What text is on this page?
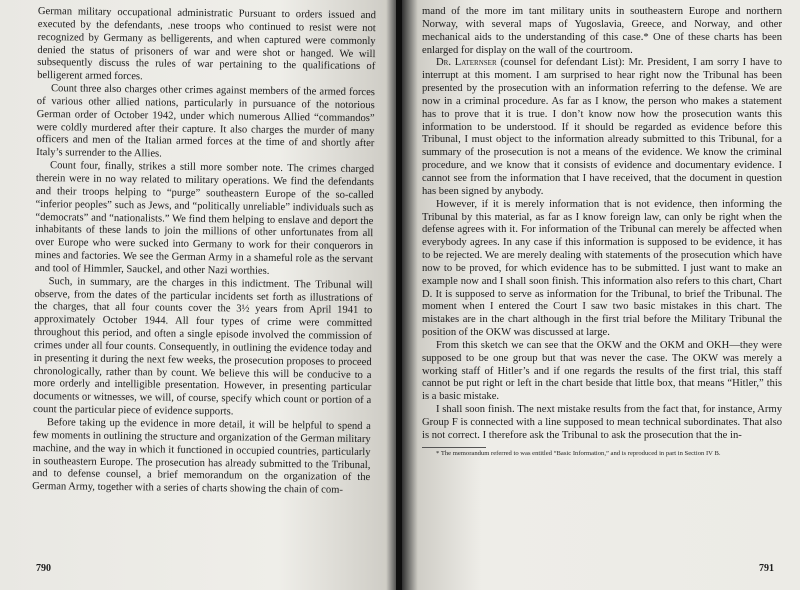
German military occupational administratic Pursuant to orders issued and executed by the defendants, .nese troops who continued to resist were not recognized by Germany as belligerents, and when captured were commonly denied the status of prisoners of war and were shot or hanged. We will subsequently discuss the rules of war pertaining to the qualifications of belligerent armed forces.

Count three also charges other crimes against members of the armed forces of various other allied nations, particularly in pursuance of the notorious German order of October 1942, under which numerous Allied “commandos” were coldly murdered after their capture. It also charges the murder of many officers and men of the Italian armed forces at the time of and shortly after Italy’s surrender to the Allies.

Count four, finally, strikes a still more somber note. The crimes charged therein were in no way related to military operations. We find the defendants and their troops helping to “purge” southeastern Europe of the so-called “inferior peoples” such as Jews, and “politically unreliable” individuals such as “democrats” and “nationalists.” We find them helping to enslave and deport the inhabitants of these lands to join the millions of other unfortunates from all over Europe who were sucked into Germany to work for their conquerors in mines and factories. We see the German Army in a shameful role as the servant and tool of Himmler, Sauckel, and other Nazi worthies.

Such, in summary, are the charges in this indictment. The Tribunal will observe, from the dates of the particular incidents set forth as illustrations of the charges, that all four counts cover the 3½ years from April 1941 to approximately October 1944. All four types of crime were committed throughout this period, and often a single episode involved the commission of crimes under all four counts. Consequently, in outlining the evidence today and in presenting it during the next few weeks, the prosecution proposes to proceed chronologically, rather than by count. We believe this will be conducive to a more orderly and intelligible presentation. However, in presenting particular documents or witnesses, we will, of course, specify which count or portion of a count the particular piece of evidence supports.

Before taking up the evidence in more detail, it will be helpful to spend a few moments in outlining the structure and organization of the German military machine, and the way in which it functioned in occupied countries, particularly in southeastern Europe. The prosecution has already submitted to the Tribunal, and to defense counsel, a brief memorandum on the organization of the German Army, together with a series of charts showing the chain of com-

790

mand of the more im tant military units in southeastern Europe and northern Norway, with several maps of Yugoslavia, Greece, and Norway, and other mechanical aids to the understanding of this case.* One of these charts has been enlarged for display on the wall of the courtroom.

Dr. Laternser (counsel for defendant List): Mr. President, I am sorry I have to interrupt at this moment. I am surprised to hear right now the Tribunal has been presented by the prosecution with an information referring to the defense. We are now in a criminal procedure. As far as I know, the person who makes a statement has to prove that it is true. I don’t know now how the prosecution wants this information to be understood. If it should be regarded as evidence before this Tribunal, I must object to the information already submitted to this Tribunal, for a summary of the prosecution is not a means of the evidence. We know the criminal procedure, and we know that it consists of evidence and documentary evidence. I cannot see from the information that I have received, that the document in question has been signed by anybody.

However, if it is merely information that is not evidence, then informing the Tribunal by this material, as far as I know foreign law, can only be right when the defense agrees with it. For information of the Tribunal can merely be affected when everybody agrees. In any case if this information is supposed to be evidence, it has to be rejected. We are merely dealing with statements of the prosecution which have now to be proved, for which evidence has to be submitted. I just want to make an example now and I shall soon finish. This information also refers to this chart, Chart D. It is supposed to serve as information for the Tribunal, to brief the Tribunal. The moment when I entered the Court I saw two basic mistakes in this chart. The mistakes are in the chart although in the first trial before the Military Tribunal the position of the OKW was discussed at large.

From this sketch we can see that the OKW and the OKM and OKH—they were supposed to be one group but that was never the case. The OKW was merely a working staff of Hitler’s and if one regards the results of the first trial, this staff cannot be put right or left in the chart beside that little box, that means “Hitler,” this is a basic mistake.

I shall soon finish. The next mistake results from the fact that, for instance, Army Group F is connected with a line supposed to mean technical subordinates. That also is not correct. I therefore ask the Tribunal to ask the prosecution that the in-

* The memorandum referred to was entitled “Basic Information,” and is reproduced in part in Section IV B.

791
